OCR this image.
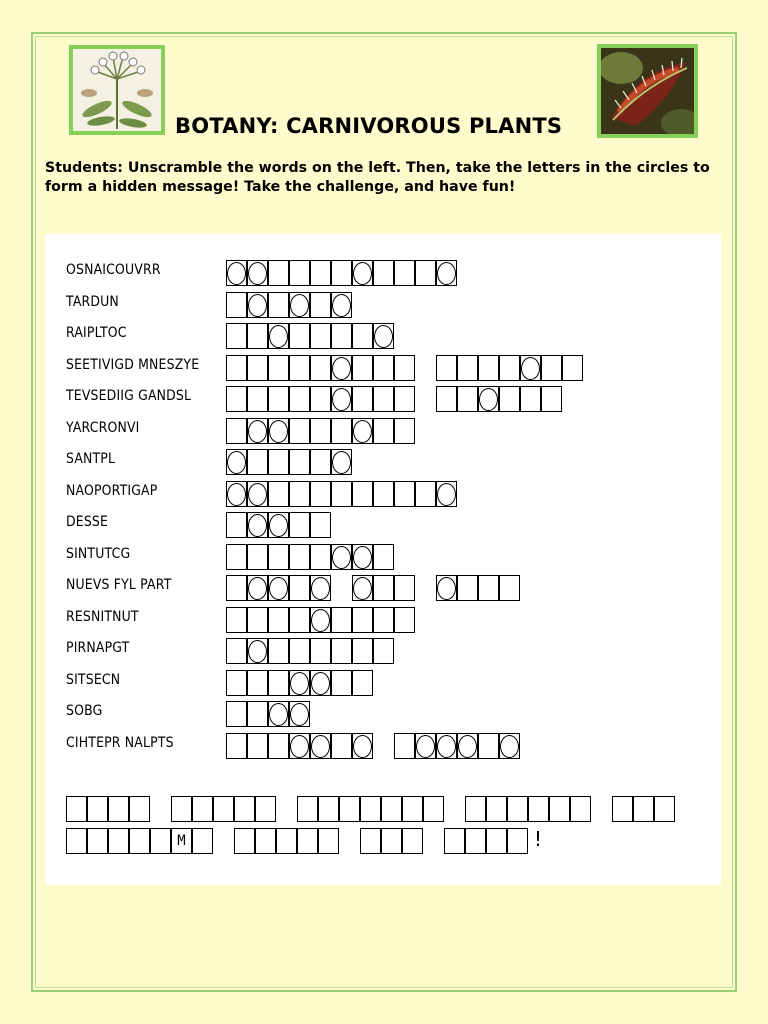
BOTANY: CARNIVOROUS PLANTS
Students: Unscramble the words on the left. Then, take the letters in the circles to form a hidden message! Take the challenge, and have fun!
OSNAICOUVRR
TARDUN
RAIPLTOC
SEETIVIGD MNESZYE
TEVSEDIIG GANDSL
YARCRONVI
SANTPL
NAOPORTIGAP
DESSE
SINTUTCG
NUEVS FYL PART
RESNITNUT
PIRNAPGT
SITSECN
SOBG
CIHTEPR NALPTS
M	!
